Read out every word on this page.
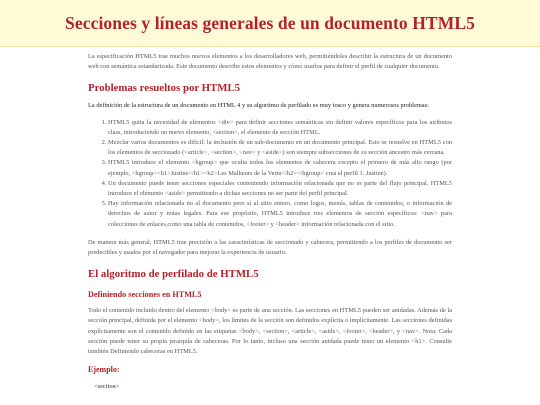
Secciones y líneas generales de un documento HTML5

La especificación HTML5 trae muchos nuevos elementos a los desarrolladores web, permitiéndoles describir la estructura de un documento web con semántica estandarizada. Este documento describe estos elementos y cómo usarlos para definir el perfil de cualquier documento.

Problemas resueltos por HTML5

La definición de la estructura de un documento en HTML 4 y su algoritmo de perfilado es muy tosco y genera numerosos problemas:

1. HTML5 quita la necesidad de elementos <div> para definir secciones semánticas sin definir valores específicos para los atributos class, introduciendo un nuevo elemento, <section>, el elemento de sección HTML.
2. Mezclar varios documentos es difícil: la inclusión de un sub-documento en un documento principal. Esto se resuelve en HTML5 con los elementos de seccionado (<article>, <section>, <nav> y <aside>) son siempre subsecciones de su sección ancestro más cercana.
3. HTML5 introduce el elemento <hgroup> que oculta todos los elementos de cabecera excepto el primero de más alto rango (por ejemplo, <hgroup><h1>Justine</h1><h2>Les Malheurs de la Vertu</h2></hgroup> crea el perfil 1. Justine).
4. Un documento puede tener secciones especiales conteniendo información relacionada que no es parte del flujo principal. HTML5 introduce el elemento <aside> permitiendo a dichas secciones no ser parte del perfil principal.
5. Hay información relacionada no al documento pero sí al sitio entero, como logos, menús, tablas de contenidos, o información de derechos de autor y notas legales. Para ese propósito, HTML5 introduce tres elementos de sección específicos: <nav> para colecciones de enlaces,como una tabla de contenidos, <footer> y <header> información relacionada con el sitio.

De manera más general, HTML5 trae precisión a las características de seccionado y cabecera, permitiendo a los perfiles de documento ser predecibles y usados por el navegador para mejorar la experiencia de usuario.

El algoritmo de perfilado de HTML5
Definiendo secciones en HTML5

Todo el contenido incluido dentro del elemento <body> es parte de una sección. Las secciones en HTML5 pueden ser anidadas. Además de la sección principal, definida por el elemento <body>, los límites de la sección son definidos explícita o implícitamente. Las secciones definidas explícitamente son el contenido definido en las etiquetas <body>, <section>, <article>, <aside>, <footer>, <header>, y <nav>. Nota: Cada sección puede tener su propia jerarquía de cabeceras. Por lo tanto, incluso una sección anidada puede tener un elemento <h1>. Consulte también Definiendo cabeceras en HTML5.

Ejemplo:
<section>
